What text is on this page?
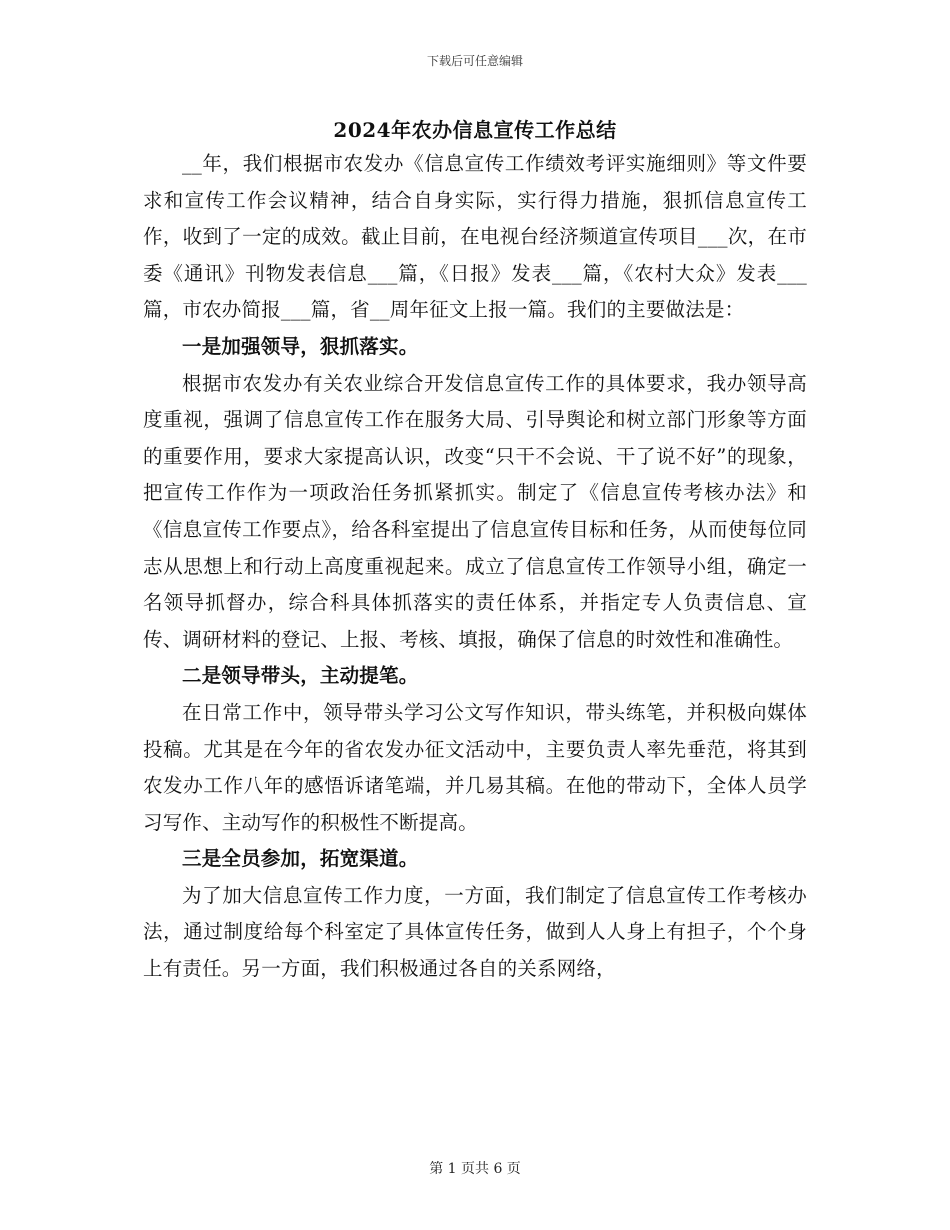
下载后可任意编辑
2024年农办信息宣传工作总结

__年，我们根据市农发办《信息宣传工作绩效考评实施细则》等文件要求和宣传工作会议精神，结合自身实际，实行得力措施，狠抓信息宣传工作，收到了一定的成效。截止目前，在电视台经济频道宣传项目___次，在市委《通讯》刊物发表信息___篇，《日报》发表___篇，《农村大众》发表___篇，市农办简报___篇，省__周年征文上报一篇。我们的主要做法是：

一是加强领导，狠抓落实。

根据市农发办有关农业综合开发信息宣传工作的具体要求，我办领导高度重视，强调了信息宣传工作在服务大局、引导舆论和树立部门形象等方面的重要作用，要求大家提高认识，改变“只干不会说、干了说不好”的现象，把宣传工作作为一项政治任务抓紧抓实。制定了《信息宣传考核办法》和《信息宣传工作要点》，给各科室提出了信息宣传目标和任务，从而使每位同志从思想上和行动上高度重视起来。成立了信息宣传工作领导小组，确定一名领导抓督办，综合科具体抓落实的责任体系，并指定专人负责信息、宣传、调研材料的登记、上报、考核、填报，确保了信息的时效性和准确性。

二是领导带头，主动提笔。

在日常工作中，领导带头学习公文写作知识，带头练笔，并积极向媒体投稿。尤其是在今年的省农发办征文活动中，主要负责人率先垂范，将其到农发办工作八年的感悟诉诸笔端，并几易其稿。在他的带动下，全体人员学习写作、主动写作的积极性不断提高。

三是全员参加，拓宽渠道。

为了加大信息宣传工作力度，一方面，我们制定了信息宣传工作考核办法，通过制度给每个科室定了具体宣传任务，做到人人身上有担子，个个身上有责任。另一方面，我们积极通过各自的关系网络，

第 1 页共 6 页
